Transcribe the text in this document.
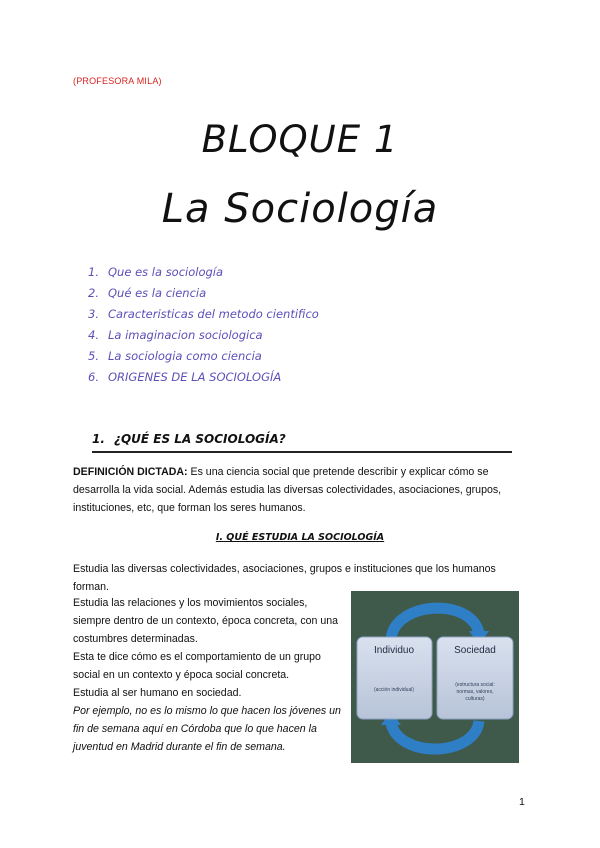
(PROFESORA MILA)
BLOQUE 1
La Sociología
1. Que es la sociología
2. Qué es la ciencia
3. Caracteristicas del metodo cientifico
4. La imaginacion sociologica
5. La sociologia como ciencia
6. ORIGENES DE LA SOCIOLOGÍA
1. ¿QUÉ ES LA SOCIOLOGÍA?
DEFINICIÓN DICTADA: Es una ciencia social que pretende describir y explicar cómo se desarrolla la vida social. Además estudia las diversas colectividades, asociaciones, grupos, instituciones, etc, que forman los seres humanos.
I. QUÉ ESTUDIA LA SOCIOLOGÍA
Estudia las diversas colectividades, asociaciones, grupos e instituciones que los humanos forman.
Estudia las relaciones y los movimientos sociales, siempre dentro de un contexto, época concreta, con una costumbres determinadas.
Esta te dice cómo es el comportamiento de un grupo social en un contexto y época social concreta.
Estudia al ser humano en sociedad.
Por ejemplo, no es lo mismo lo que hacen los jóvenes un fin de semana aquí en Córdoba que lo que hacen la juventud en Madrid durante el fin de semana.
Individuo
(acción individual)
Sociedad
(estructura social:
normas, valores,
culturas)
1
